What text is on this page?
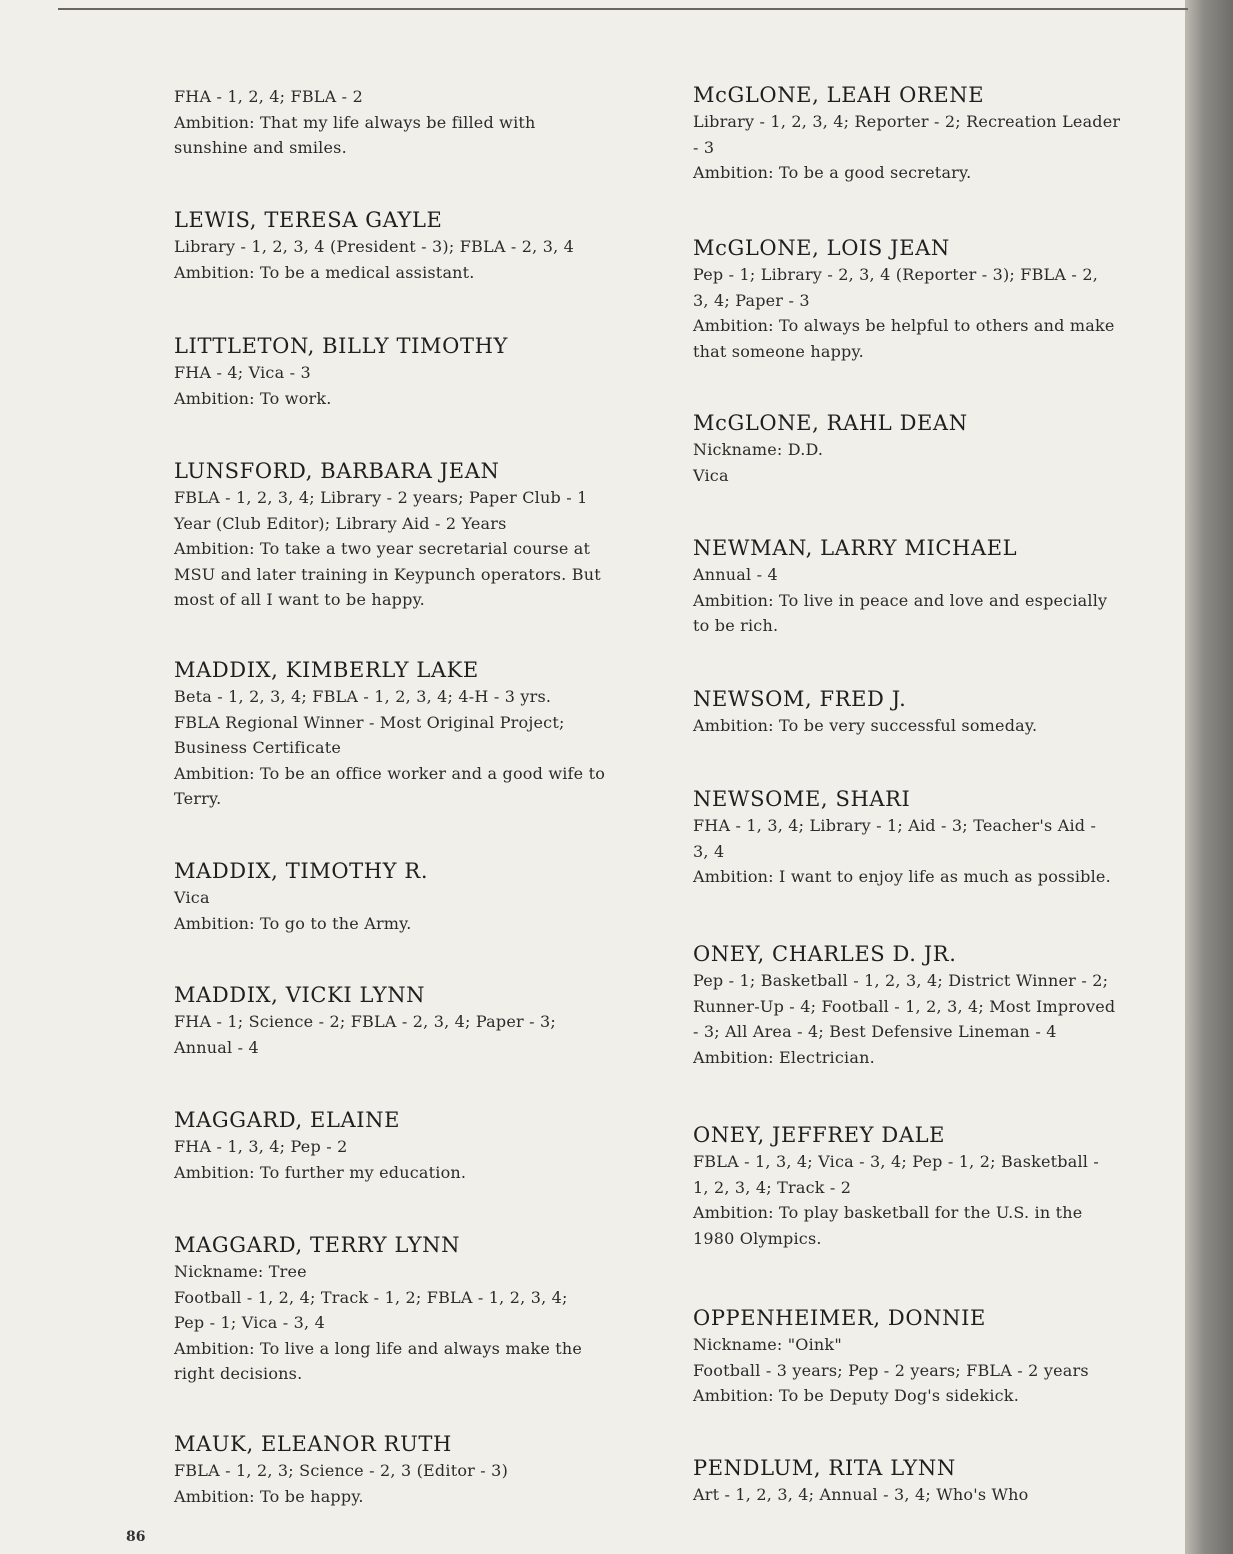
FHA - 1, 2, 4; FBLA - 2
Ambition: That my life always be filled with
sunshine and smiles.
LEWIS, TERESA GAYLE
Library - 1, 2, 3, 4 (President - 3); FBLA - 2, 3, 4
Ambition: To be a medical assistant.
LITTLETON, BILLY TIMOTHY
FHA - 4; Vica - 3
Ambition: To work.
LUNSFORD, BARBARA JEAN
FBLA - 1, 2, 3, 4; Library - 2 years; Paper Club - 1
Year (Club Editor); Library Aid - 2 Years
Ambition: To take a two year secretarial course at
MSU and later training in Keypunch operators. But
most of all I want to be happy.
MADDIX, KIMBERLY LAKE
Beta - 1, 2, 3, 4; FBLA - 1, 2, 3, 4; 4-H - 3 yrs.
FBLA Regional Winner - Most Original Project;
Business Certificate
Ambition: To be an office worker and a good wife to
Terry.
MADDIX, TIMOTHY R.
Vica
Ambition: To go to the Army.
MADDIX, VICKI LYNN
FHA - 1; Science - 2; FBLA - 2, 3, 4; Paper - 3;
Annual - 4
MAGGARD, ELAINE
FHA - 1, 3, 4; Pep - 2
Ambition: To further my education.
MAGGARD, TERRY LYNN
Nickname: Tree
Football - 1, 2, 4; Track - 1, 2; FBLA - 1, 2, 3, 4;
Pep - 1; Vica - 3, 4
Ambition: To live a long life and always make the
right decisions.
MAUK, ELEANOR RUTH
FBLA - 1, 2, 3; Science - 2, 3 (Editor - 3)
Ambition: To be happy.
McGLONE, LEAH ORENE
Library - 1, 2, 3, 4; Reporter - 2; Recreation Leader
- 3
Ambition: To be a good secretary.
McGLONE, LOIS JEAN
Pep - 1; Library - 2, 3, 4 (Reporter - 3); FBLA - 2,
3, 4; Paper - 3
Ambition: To always be helpful to others and make
that someone happy.
McGLONE, RAHL DEAN
Nickname: D.D.
Vica
NEWMAN, LARRY MICHAEL
Annual - 4
Ambition: To live in peace and love and especially
to be rich.
NEWSOM, FRED J.
Ambition: To be very successful someday.
NEWSOME, SHARI
FHA - 1, 3, 4; Library - 1; Aid - 3; Teacher's Aid -
3, 4
Ambition: I want to enjoy life as much as possible.
ONEY, CHARLES D. JR.
Pep - 1; Basketball - 1, 2, 3, 4; District Winner - 2;
Runner-Up - 4; Football - 1, 2, 3, 4; Most Improved
- 3; All Area - 4; Best Defensive Lineman - 4
Ambition: Electrician.
ONEY, JEFFREY DALE
FBLA - 1, 3, 4; Vica - 3, 4; Pep - 1, 2; Basketball -
1, 2, 3, 4; Track - 2
Ambition: To play basketball for the U.S. in the
1980 Olympics.
OPPENHEIMER, DONNIE
Nickname: "Oink"
Football - 3 years; Pep - 2 years; FBLA - 2 years
Ambition: To be Deputy Dog's sidekick.
PENDLUM, RITA LYNN
Art - 1, 2, 3, 4; Annual - 3, 4; Who's Who
86
